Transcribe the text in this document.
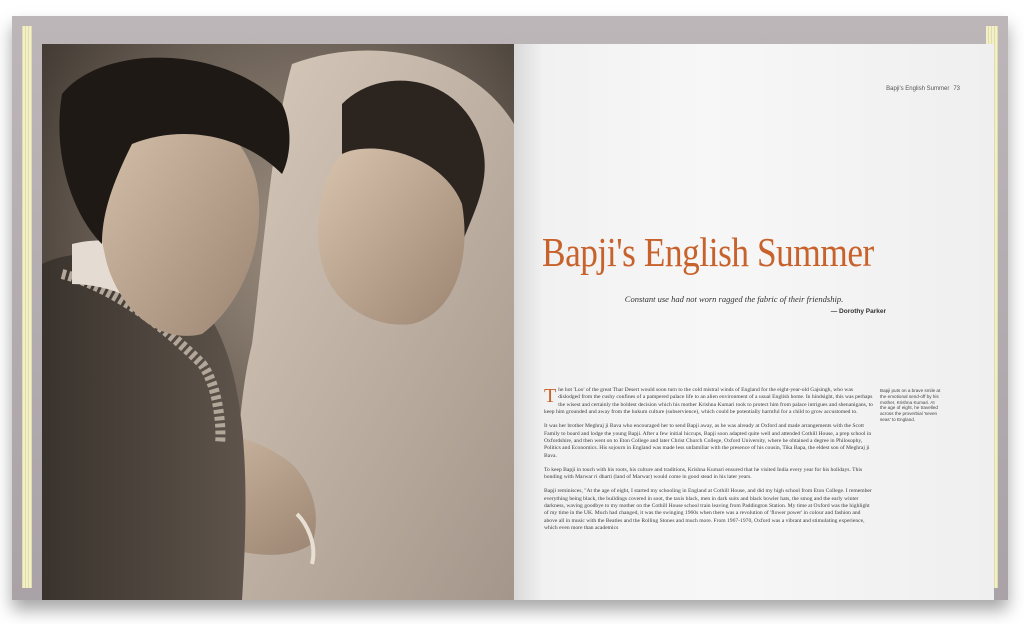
Bapji's English Summer 73
Bapji's English Summer
Constant use had not worn ragged the fabric of their friendship.
— Dorothy Parker

The hot 'Loo' of the great Thar Desert would soon turn to the cold mistral winds of England for the eight-year-old Gajsingh, who was dislodged from the cushy confines of a pampered palace life to an alien environment of a usual English home. In hindsight, this was perhaps the wisest and certainly the boldest decision which his mother Krishna Kumari took to protect him from palace intrigues and shenanigans, to keep him grounded and away from the hukum culture (subservience), which could be potentially harmful for a child to grow accustomed to.

It was her brother Meghraj ji Bava who encouraged her to send Bapji away, as he was already at Oxford and made arrangements with the Scott Family to board and lodge the young Bapji. After a few initial hiccups, Bapji soon adapted quite well and attended Cothill House, a prep school in Oxfordshire, and then went on to Eton College and later Christ Church College, Oxford University, where he obtained a degree in Philosophy, Politics and Economics. His sojourn in England was made less unfamiliar with the presence of his cousin, Tika Bapa, the eldest son of Meghraj ji Bava.

To keep Bapji in touch with his roots, his culture and traditions, Krishna Kumari ensured that he visited India every year for his holidays. This bonding with Marwar ri dharti (land of Marwar) would come in good stead in his later years.

Bapji reminisces, "At the age of eight, I started my schooling in England at Cothill House, and did my high school from Eton College. I remember everything being black, the buildings covered in soot, the taxis black, men in dark suits and black bowler hats, the smog and the early winter darkness, waving goodbye to my mother on the Cothill House school train leaving from Paddington Station. My time at Oxford was the highlight of my time in the UK. Much had changed, it was the swinging 1960s when there was a revolution of 'flower power' in colour and fashion and above all in music with the Beatles and the Rolling Stones and much more. From 1967-1970, Oxford was a vibrant and stimulating experience, which even more than academics

Bapji puts on a brave smile at the emotional send-off by his mother, Krishna Kumari. At the age of eight, he travelled across the proverbial 'seven seas' to England.
